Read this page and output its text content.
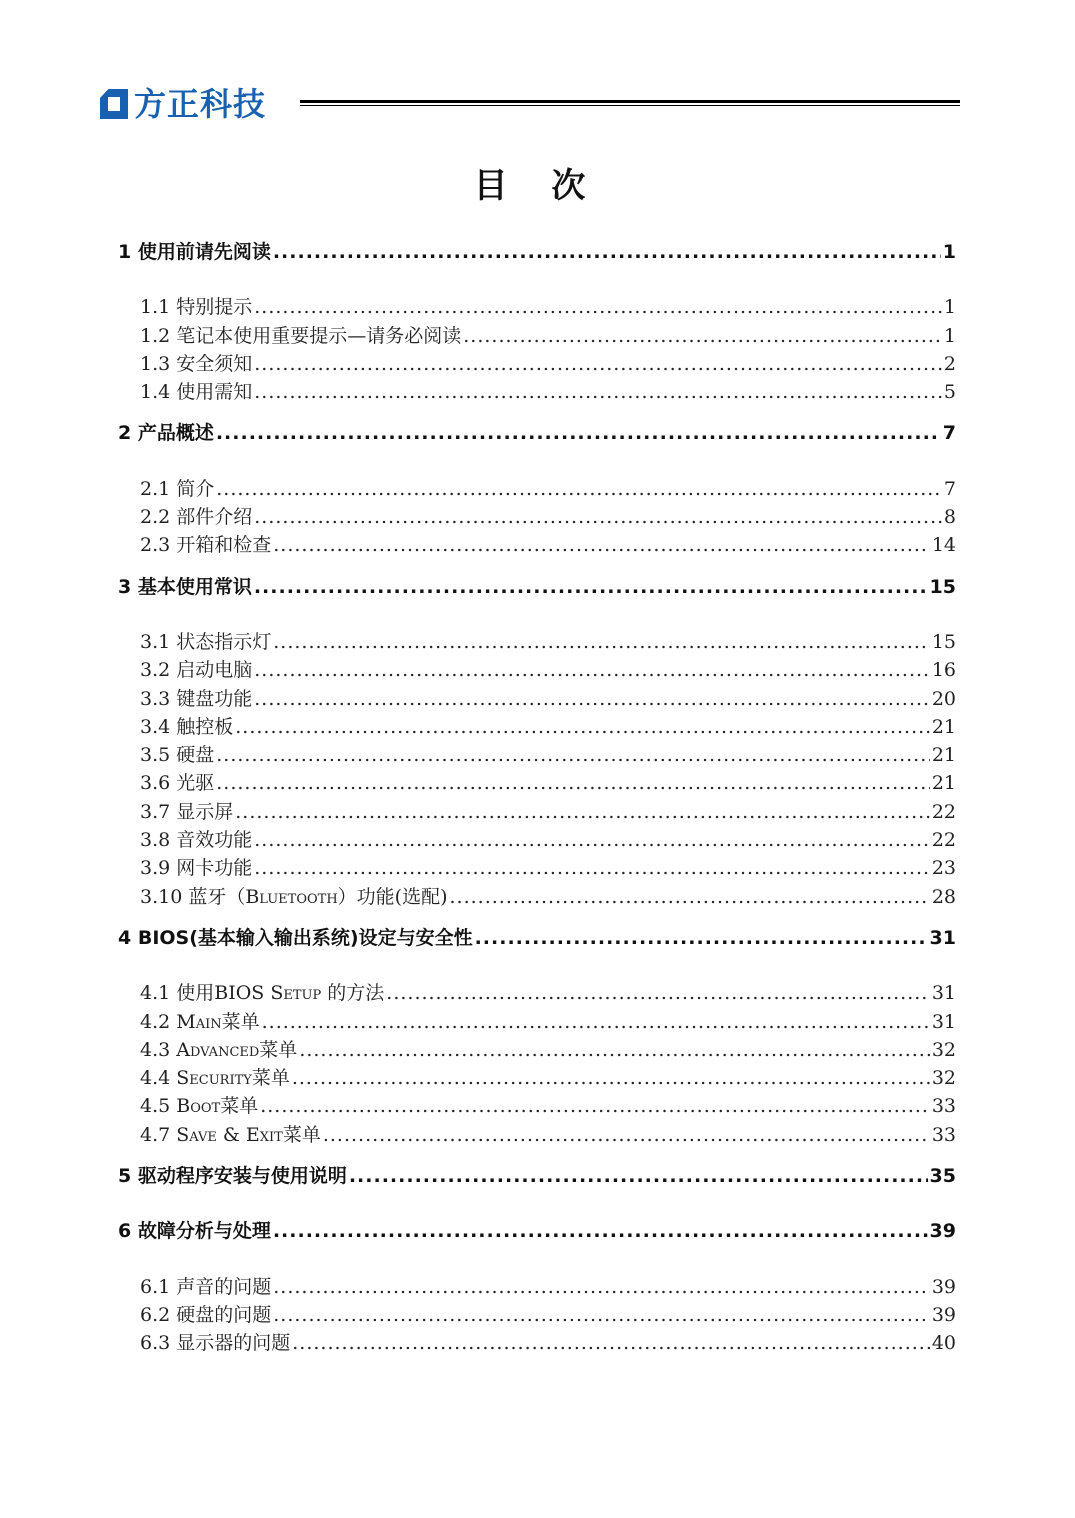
方正科技
目 次
1 使用前请先阅读 .....	1
1.1 特别提示 .....	1
1.2 笔记本使用重要提示—请务必阅读 .....	1
1.3 安全须知 .....	2
1.4 使用需知 .....	5
2 产品概述 .....	7
2.1 简介 .....	7
2.2 部件介绍 .....	8
2.3 开箱和检查 .....	14
3 基本使用常识 .....	15
3.1 状态指示灯 .....	15
3.2 启动电脑 .....	16
3.3 键盘功能 .....	20
3.4 触控板 .....	21
3.5 硬盘 .....	21
3.6 光驱 .....	21
3.7 显示屏 .....	22
3.8 音效功能 .....	22
3.9 网卡功能 .....	23
3.10 蓝牙（Bluetooth）功能(选配) .....	28
4 BIOS(基本输入输出系统)设定与安全性 .....	31
4.1 使用BIOS Setup 的方法 .....	31
4.2 Main菜单 .....	31
4.3 Advanced菜单 .....	32
4.4 Security菜单 .....	32
4.5 Boot菜单 .....	33
4.7 Save & Exit菜单 .....	33
5 驱动程序安装与使用说明 .....	35
6 故障分析与处理 .....	39
6.1 声音的问题 .....	39
6.2 硬盘的问题 .....	39
6.3 显示器的问题 .....	40
